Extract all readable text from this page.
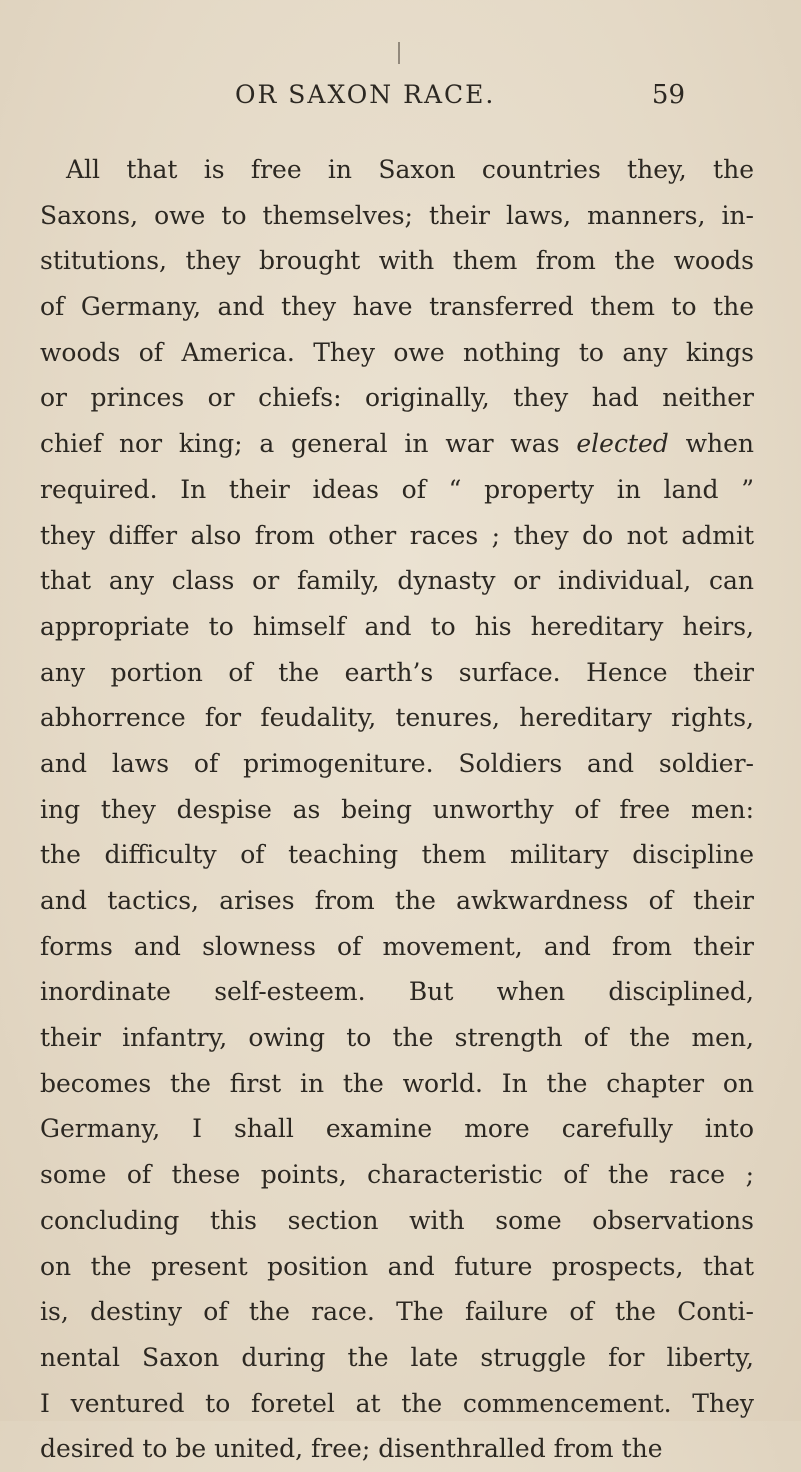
OR SAXON RACE.	59
All that is free in Saxon countries they, the
Saxons, owe to themselves; their laws, manners, in-
stitutions, they brought with them from the woods
of Germany, and they have transferred them to the
woods of America. They owe nothing to any kings
or princes or chiefs: originally, they had neither
chief nor king; a general in war was elected when
required. In their ideas of “ property in land ”
they differ also from other races ; they do not admit
that any class or family, dynasty or individual, can
appropriate to himself and to his hereditary heirs,
any portion of the earth’s surface. Hence their
abhorrence for feudality, tenures, hereditary rights,
and laws of primogeniture. Soldiers and soldier-
ing they despise as being unworthy of free men:
the difficulty of teaching them military discipline
and tactics, arises from the awkwardness of their
forms and slowness of movement, and from their
inordinate self-esteem. But when disciplined,
their infantry, owing to the strength of the men,
becomes the first in the world. In the chapter on
Germany, I shall examine more carefully into
some of these points, characteristic of the race ;
concluding this section with some observations
on the present position and future prospects, that
is, destiny of the race. The failure of the Conti-
nental Saxon during the late struggle for liberty,
I ventured to foretel at the commencement. They
desired to be united, free; disenthralled from the
